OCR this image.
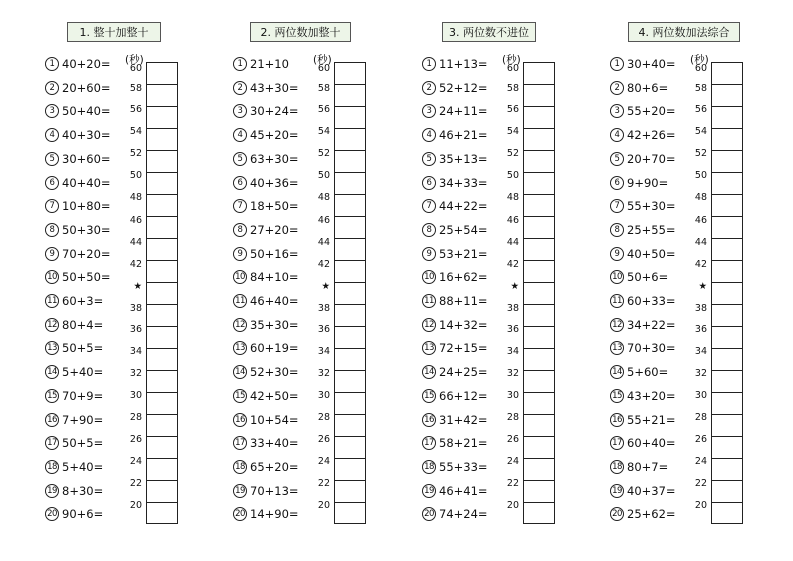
1. 整十加整十
1 40+20=
2 20+60=
3 50+40=
4 40+30=
5 30+60=
6 40+40=
7 10+80=
8 50+30=
9 70+20=
10 50+50=
11 60+3=
12 80+4=
13 50+5=
14 5+40=
15 70+9=
16 7+90=
17 50+5=
18 5+40=
19 8+30=
20 90+6=
(秒)
60
58
56
54
52
50
48
46
44
42
★
38
36
34
32
30
28
26
24
22
20
2. 两位数加整十
1 21+10
2 43+30=
3 30+24=
4 45+20=
5 63+30=
6 40+36=
7 18+50=
8 27+20=
9 50+16=
10 84+10=
11 46+40=
12 35+30=
13 60+19=
14 52+30=
15 42+50=
16 10+54=
17 33+40=
18 65+20=
19 70+13=
20 14+90=
(秒)
60
58
56
54
52
50
48
46
44
42
★
38
36
34
32
30
28
26
24
22
20
3. 两位数不进位
1 11+13=
2 52+12=
3 24+11=
4 46+21=
5 35+13=
6 34+33=
7 44+22=
8 25+54=
9 53+21=
10 16+62=
11 88+11=
12 14+32=
13 72+15=
14 24+25=
15 66+12=
16 31+42=
17 58+21=
18 55+33=
19 46+41=
20 74+24=
(秒)
60
58
56
54
52
50
48
46
44
42
★
38
36
34
32
30
28
26
24
22
20
4. 两位数加法综合
1 30+40=
2 80+6=
3 55+20=
4 42+26=
5 20+70=
6 9+90=
7 55+30=
8 25+55=
9 40+50=
10 50+6=
11 60+33=
12 34+22=
13 70+30=
14 5+60=
15 43+20=
16 55+21=
17 60+40=
18 80+7=
19 40+37=
20 25+62=
(秒)
60
58
56
54
52
50
48
46
44
42
★
38
36
34
32
30
28
26
24
22
20
